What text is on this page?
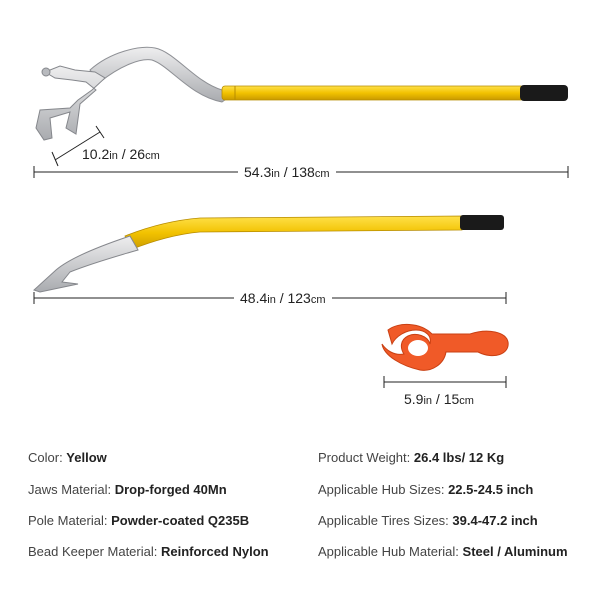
10.2in / 26cm
54.3in / 138cm
48.4in / 123cm
5.9in / 15cm
Color: Yellow
Jaws Material: Drop-forged 40Mn
Pole Material: Powder-coated Q235B
Bead Keeper Material: Reinforced Nylon
Product Weight: 26.4 lbs/ 12 Kg
Applicable Hub Sizes: 22.5-24.5 inch
Applicable Tires Sizes: 39.4-47.2 inch
Applicable Hub Material: Steel / Aluminum
